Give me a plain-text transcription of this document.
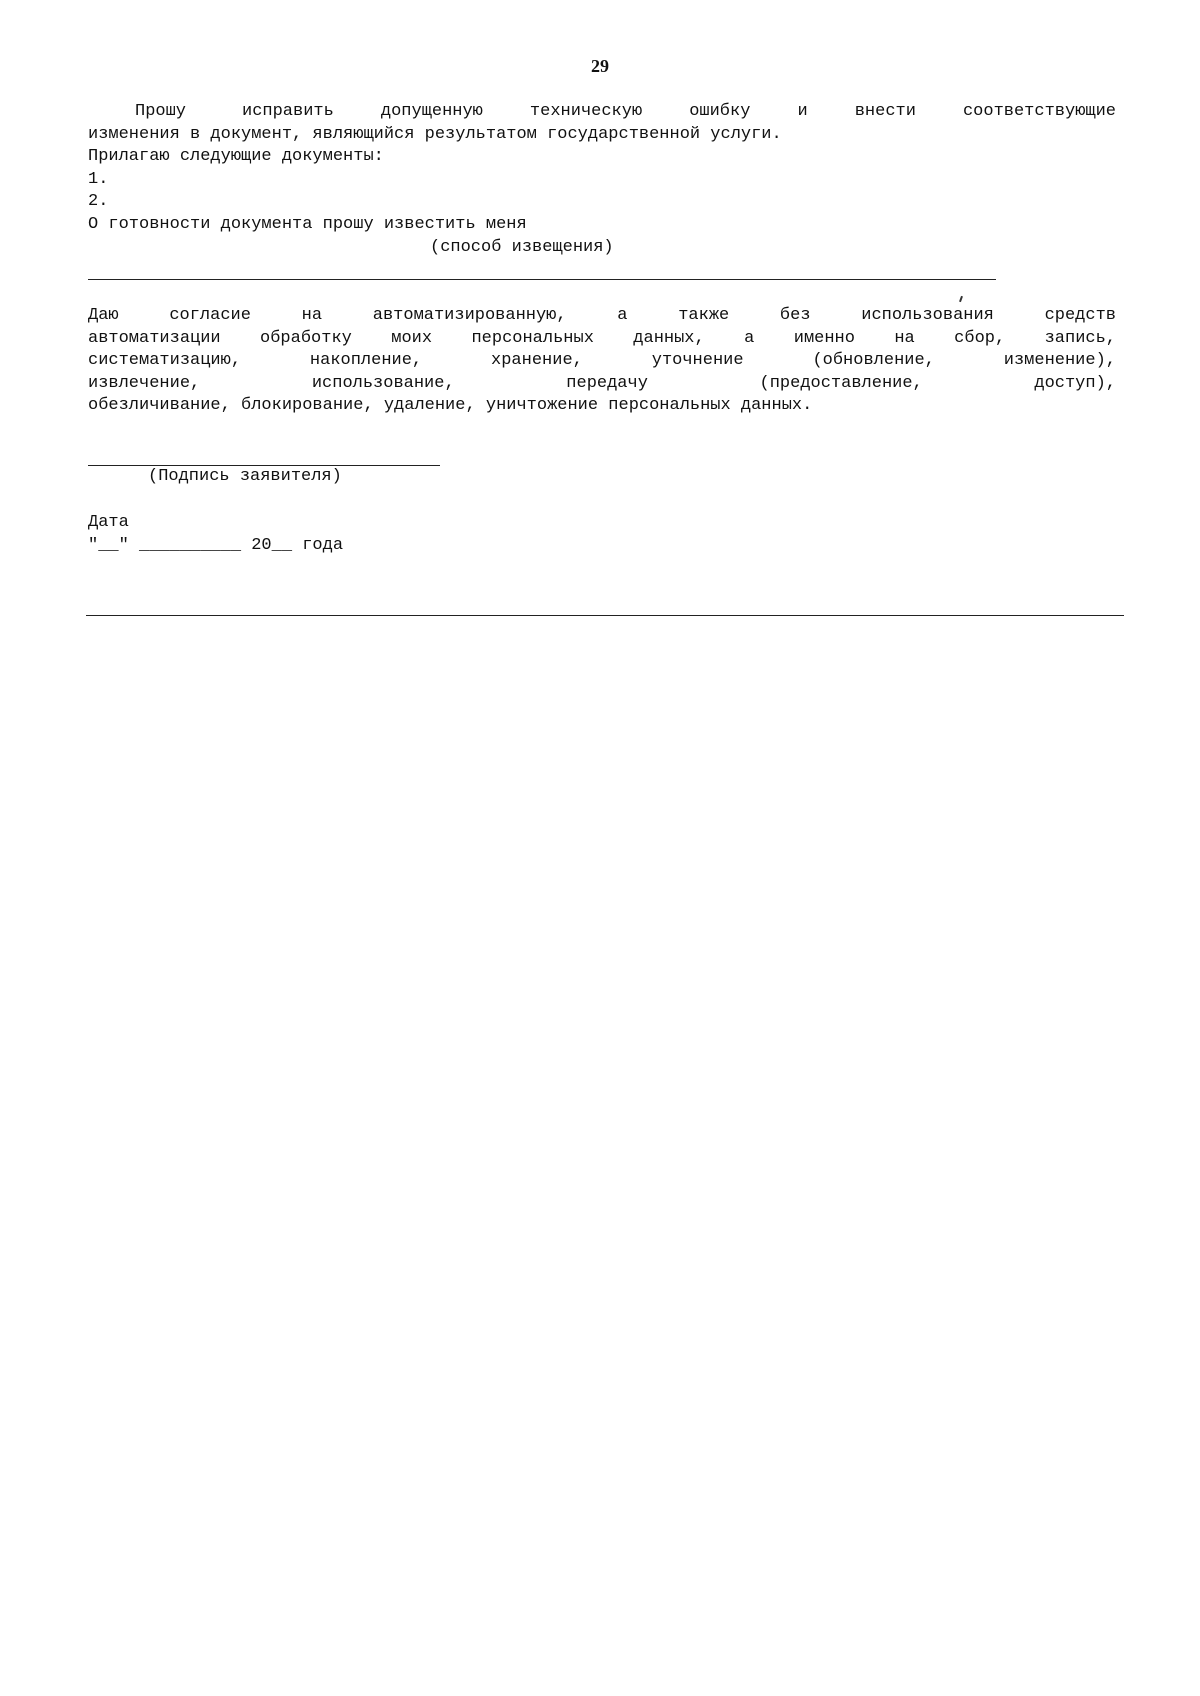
29
Прошу	исправить допущенную техническую ошибку и внести соответствующие
изменения в документ, являющийся результатом государственной услуги.
Прилагаю следующие документы:
1.
2.
О готовности документа прошу известить меня
(способ извещения)
Даю согласие на автоматизированную, а также без использования средств
автоматизации обработку моих персональных данных, а именно на сбор, запись,
систематизацию, накопление, хранение, уточнение (обновление, изменение),
извлечение, использование, передачу (предоставление, доступ),
обезличивание, блокирование, удаление, уничтожение персональных данных.
(Подпись заявителя)
Дата
"__" __________ 20__ года
